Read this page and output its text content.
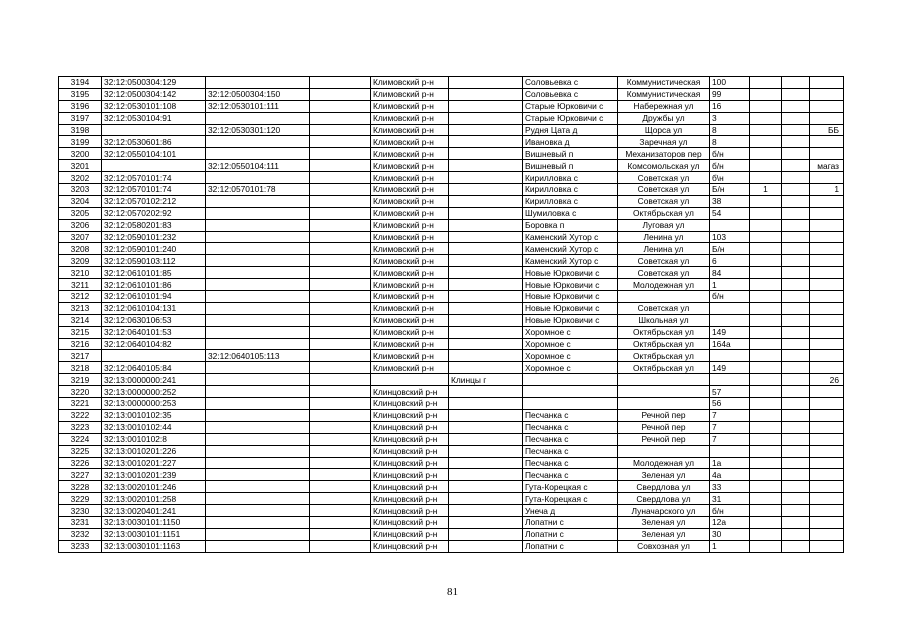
3194	32:12:0500304:129			Климовский р-н		Соловьевка с	Коммунистическая	100			
3195	32:12:0500304:142	32:12:0500304:150		Климовский р-н		Соловьевка с	Коммунистическая	99			
3196	32:12:0530101:108	32:12:0530101:111		Климовский р-н		Старые Юрковичи с	Набережная ул	16			
3197	32:12:0530104:91			Климовский р-н		Старые Юрковичи с	Дружбы ул	3			
3198		32:12:0530301:120		Климовский р-н		Рудня Цата д	Щорса ул	8			ББ
3199	32:12:0530601:86			Климовский р-н		Ивановка д	Заречная ул	8			
3200	32:12:0550104:101			Климовский р-н		Вишневый п	Механизаторов пер	б/н			
3201		32:12:0550104:111		Климовский р-н		Вишневый п	Комсомольская ул	б/н			магаз
3202	32:12:0570101:74			Климовский р-н		Кирилловка с	Советская ул	б\н			
3203	32:12:0570101:74	32:12:0570101:78		Климовский р-н		Кирилловка с	Советская ул	Б/н	1		1
3204	32:12:0570102:212			Климовский р-н		Кирилловка с	Советская ул	38			
3205	32:12:0570202:92			Климовский р-н		Шумиловка с	Октябрьская ул	54			
3206	32:12:0580201:83			Климовский р-н		Боровка п	Луговая ул				
3207	32:12:0590101:232			Климовский р-н		Каменский Хутор с	Ленина ул	103			
3208	32:12:0590101:240			Климовский р-н		Каменский Хутор с	Ленина ул	Б/н			
3209	32:12:0590103:112			Климовский р-н		Каменский Хутор с	Советская ул	6			
3210	32:12:0610101:85			Климовский р-н		Новые Юрковичи с	Советская ул	84			
3211	32:12:0610101:86			Климовский р-н		Новые Юрковичи с	Молодежная ул	1			
3212	32:12:0610101:94			Климовский р-н		Новые Юрковичи с		б/н			
3213	32:12:0610104:131			Климовский р-н		Новые Юрковичи с	Советская ул				
3214	32:12:0630106:53			Климовский р-н		Новые Юрковичи с	Школьная ул				
3215	32:12:0640101:53			Климовский р-н		Хоромное с	Октябрьская ул	149			
3216	32:12:0640104:82			Климовский р-н		Хоромное с	Октябрьская ул	164а			
3217		32:12:0640105:113		Климовский р-н		Хоромное с	Октябрьская ул				
3218	32:12:0640105:84			Климовский р-н		Хоромное с	Октябрьская ул	149			
3219	32:13:0000000:241				Клинцы г						26
3220	32:13:0000000:252			Клинцовский р-н				57			
3221	32:13:0000000:253			Клинцовский р-н				56			
3222	32:13:0010102:35			Клинцовский р-н		Песчанка с	Речной пер	7			
3223	32:13:0010102:44			Клинцовский р-н		Песчанка с	Речной пер	7			
3224	32:13:0010102:8			Клинцовский р-н		Песчанка с	Речной пер	7			
3225	32:13:0010201:226			Клинцовский р-н		Песчанка с					
3226	32:13:0010201:227			Клинцовский р-н		Песчанка с	Молодежная ул	1а			
3227	32:13:0010201:239			Клинцовский р-н		Песчанка с	Зеленая ул	4а			
3228	32:13:0020101:246			Клинцовский р-н		Гута-Корецкая с	Свердлова ул	33			
3229	32:13:0020101:258			Клинцовский р-н		Гута-Корецкая с	Свердлова ул	31			
3230	32:13:0020401:241			Клинцовский р-н		Унеча д	Луначарского ул	б/н			
3231	32:13:0030101:1150			Клинцовский р-н		Лопатни с	Зеленая ул	12а			
3232	32:13:0030101:1151			Клинцовский р-н		Лопатни с	Зеленая ул	30			
3233	32:13:0030101:1163			Клинцовский р-н		Лопатни с	Совхозная ул	1			
81
